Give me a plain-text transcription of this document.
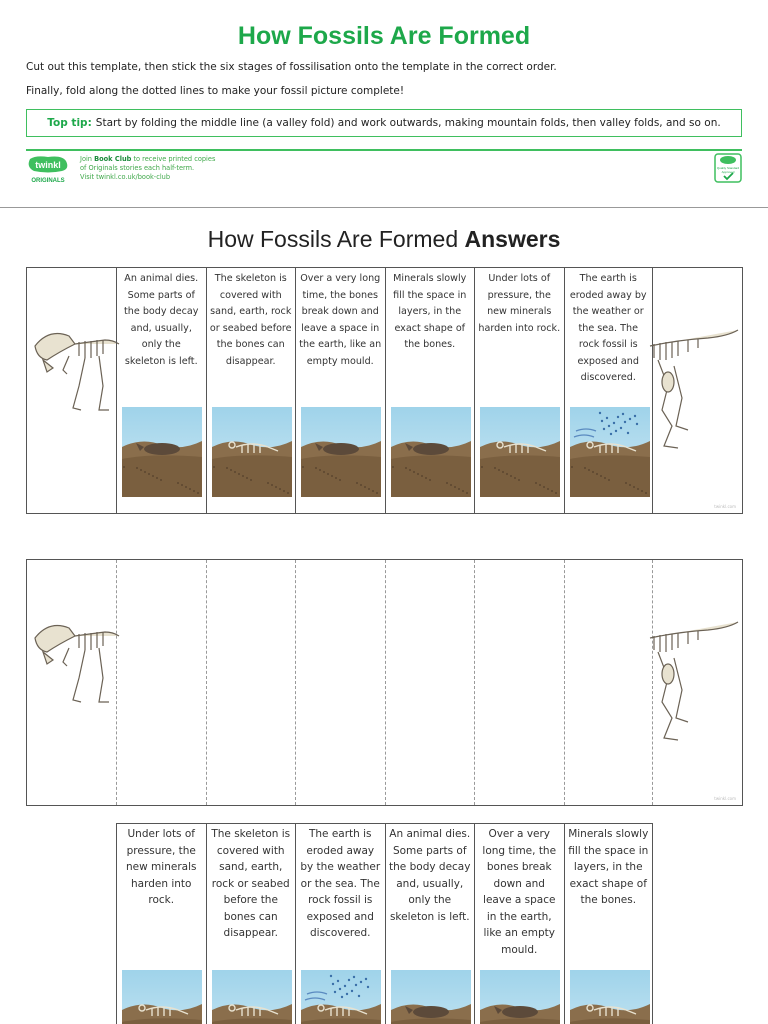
How Fossils Are Formed
Cut out this template, then stick the six stages of fossilisation onto the template in the correct order.
Finally, fold along the dotted lines to make your fossil picture complete!
Top tip: Start by folding the middle line (a valley fold) and work outwards, making mountain folds, then valley folds, and so on.
twinkl
ORIGINALS
Join Book Club to receive printed copies
of Originals stories each half-term.
Visit twinkl.co.uk/book-club
Quality Standard
Approved
How Fossils Are Formed Answers
An animal dies. Some parts of the body decay and, usually, only the skeleton is left.
The skeleton is covered with sand, earth, rock or seabed before the bones can disappear.
Over a very long time, the bones break down and leave a space in the earth, like an empty mould.
Minerals slowly fill the space in layers, in the exact shape of the bones.
Under lots of pressure, the new minerals harden into rock.
The earth is eroded away by the weather or the sea. The rock fossil is exposed and discovered.
twinkl.com
twinkl.com
Under lots of pressure, the new minerals harden into rock.
The skeleton is covered with sand, earth, rock or seabed before the bones can disappear.
The earth is eroded away by the weather or the sea. The rock fossil is exposed and discovered.
An animal dies. Some parts of the body decay and, usually, only the skeleton is left.
Over a very long time, the bones break down and leave a space in the earth, like an empty mould.
Minerals slowly fill the space in layers, in the exact shape of the bones.
